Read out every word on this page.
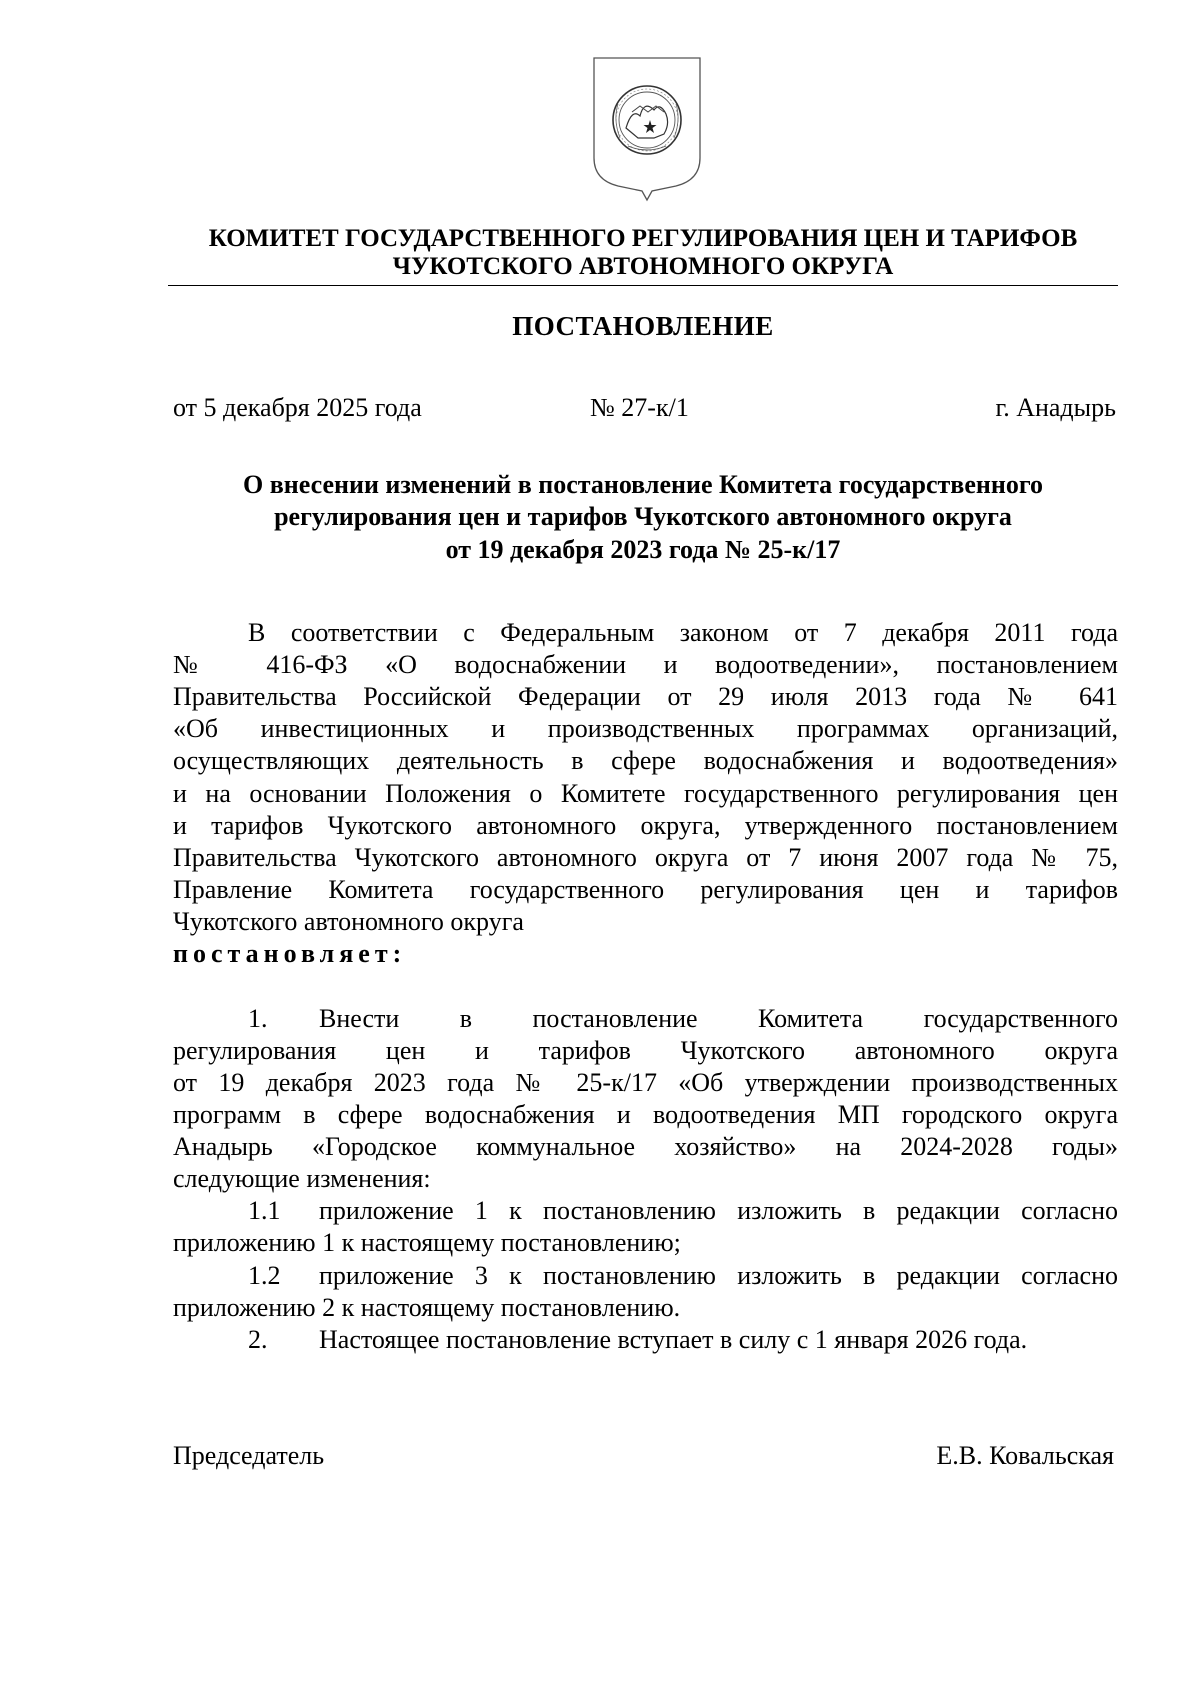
КОМИТЕТ ГОСУДАРСТВЕННОГО РЕГУЛИРОВАНИЯ ЦЕН И ТАРИФОВ
ЧУКОТСКОГО АВТОНОМНОГО ОКРУГА
ПОСТАНОВЛЕНИЕ
от 5 декабря 2025 года	№ 27-к/1	г. Анадырь
О внесении изменений в постановление Комитета государственного
регулирования цен и тарифов Чукотского автономного округа
от 19 декабря 2023 года № 25-к/17
В соответствии с Федеральным законом от 7 декабря 2011 года
№ 416-ФЗ «О водоснабжении и водоотведении», постановлением
Правительства Российской Федерации от 29 июля 2013 года № 641
«Об инвестиционных и производственных программах организаций,
осуществляющих деятельность в сфере водоснабжения и водоотведения»
и на основании Положения о Комитете государственного регулирования цен
и тарифов Чукотского автономного округа, утвержденного постановлением
Правительства Чукотского автономного округа от 7 июня 2007 года № 75,
Правление Комитета государственного регулирования цен и тарифов
Чукотского автономного округа
постановляет:
1. Внести в постановление Комитета государственного
регулирования цен и тарифов Чукотского автономного округа
от 19 декабря 2023 года № 25-к/17 «Об утверждении производственных
программ в сфере водоснабжения и водоотведения МП городского округа
Анадырь «Городское коммунальное хозяйство» на 2024-2028 годы»
следующие изменения:
1.1 приложение 1 к постановлению изложить в редакции согласно
приложению 1 к настоящему постановлению;
1.2 приложение 3 к постановлению изложить в редакции согласно
приложению 2 к настоящему постановлению.
2. Настоящее постановление вступает в силу с 1 января 2026 года.
Председатель	Е.В. Ковальская
